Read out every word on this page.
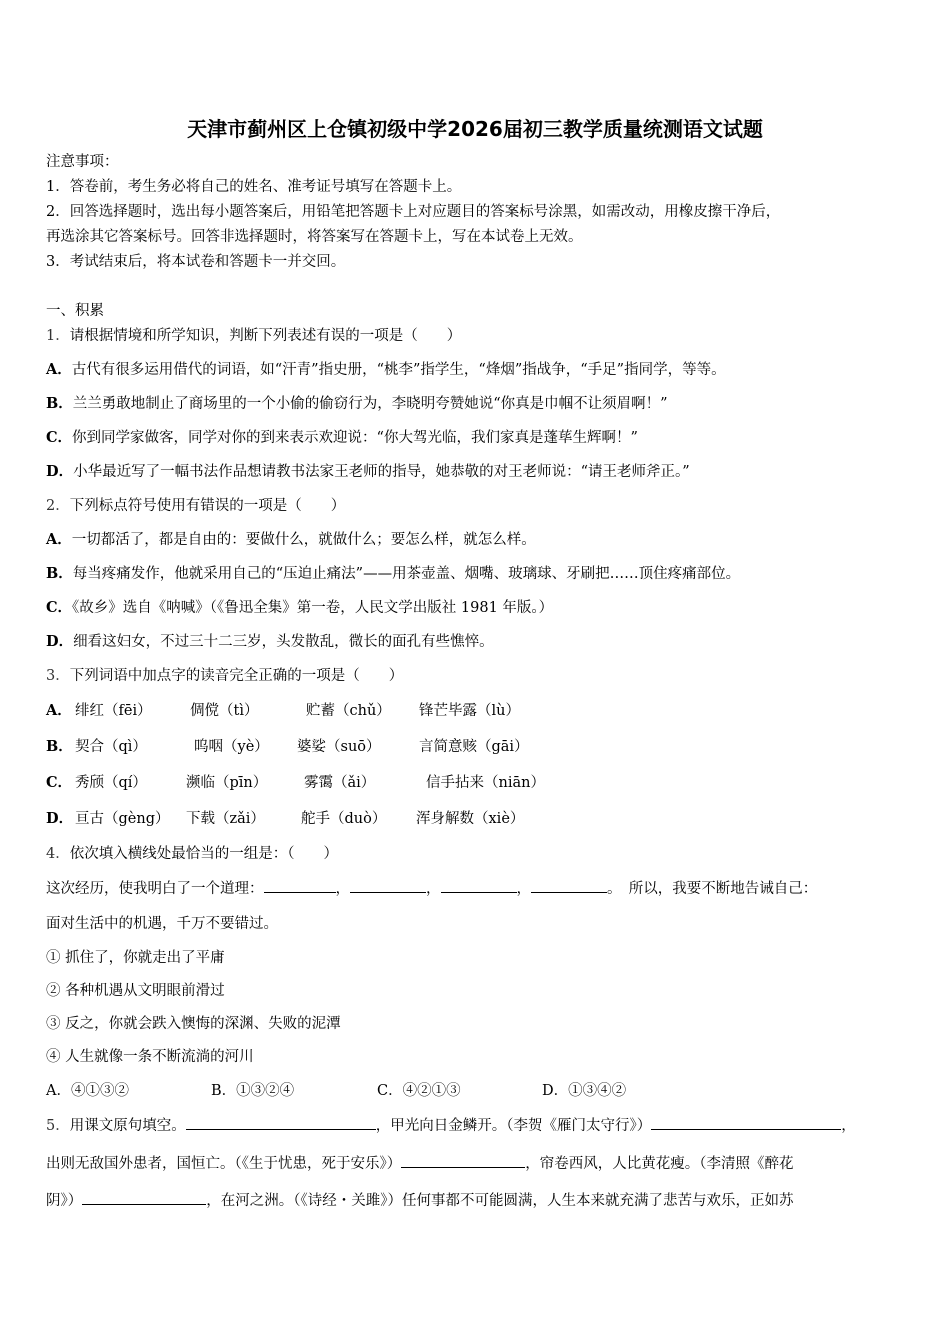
天津市蓟州区上仓镇初级中学2026届初三教学质量统测语文试题
注意事项：
1．答卷前，考生务必将自己的姓名、准考证号填写在答题卡上。
2．回答选择题时，选出每小题答案后，用铅笔把答题卡上对应题目的答案标号涂黑，如需改动，用橡皮擦干净后，
再选涂其它答案标号。回答非选择题时，将答案写在答题卡上，写在本试卷上无效。
3．考试结束后，将本试卷和答题卡一并交回。
一、积累
1．请根据情境和所学知识，判断下列表述有误的一项是（　　）
A．古代有很多运用借代的词语，如“汗青”指史册，“桃李”指学生，“烽烟”指战争，“手足”指同学，等等。
B．兰兰勇敢地制止了商场里的一个小偷的偷窃行为，李晓明夸赞她说“你真是巾帼不让须眉啊！”
C．你到同学家做客，同学对你的到来表示欢迎说：“你大驾光临，我们家真是蓬荜生辉啊！”
D．小华最近写了一幅书法作品想请教书法家王老师的指导，她恭敬的对王老师说：“请王老师斧正。”
2．下列标点符号使用有错误的一项是（　　）
A．一切都活了，都是自由的：要做什么，就做什么；要怎么样，就怎么样。
B．每当疼痛发作，他就采用自己的“压迫止痛法”——用茶壶盖、烟嘴、玻璃球、牙刷把……顶住疼痛部位。
C．《故乡》选自《呐喊》（《鲁迅全集》第一卷，人民文学出版社 1981 年版。）
D．细看这妇女，不过三十二三岁，头发散乱，微长的面孔有些憔悴。
3．下列词语中加点字的读音完全正确的一项是（　　）
A． 绯红（fēi）	倜傥（tì）	贮蓄（chǔ） 锋芒毕露（lù）
B． 契合（qì）	呜咽（yè） 婆娑（suō）	言简意赅（gāi）
C． 秀颀（qí）	濒临（pīn）	雾霭（ǎi）	信手拈来（niān）
D． 亘古（gèng） 下载（zǎi） 舵手（duò） 浑身解数（xiè）
4．依次填入横线处最恰当的一组是：（　　）
这次经历，使我明白了一个道理：	，	，	，	。　所以，我要不断地告诫自己：
面对生活中的机遇，千万不要错过。
① 抓住了，你就走出了平庸
② 各种机遇从文明眼前滑过
③ 反之，你就会跌入懊悔的深渊、失败的泥潭
④ 人生就像一条不断流淌的河川
A．④①③②	B．①③②④	C．④②①③	D．①③④②
5．用课文原句填空。	，甲光向日金鳞开。（李贺《雁门太守行》）	，
出则无敌国外患者，国恒亡。（《生于忧患，死于安乐》）	，帘卷西风，人比黄花瘦。（李清照《醉花
阴》）	，在河之洲。（《诗经・关雎》）任何事都不可能圆满，人生本来就充满了悲苦与欢乐，正如苏
